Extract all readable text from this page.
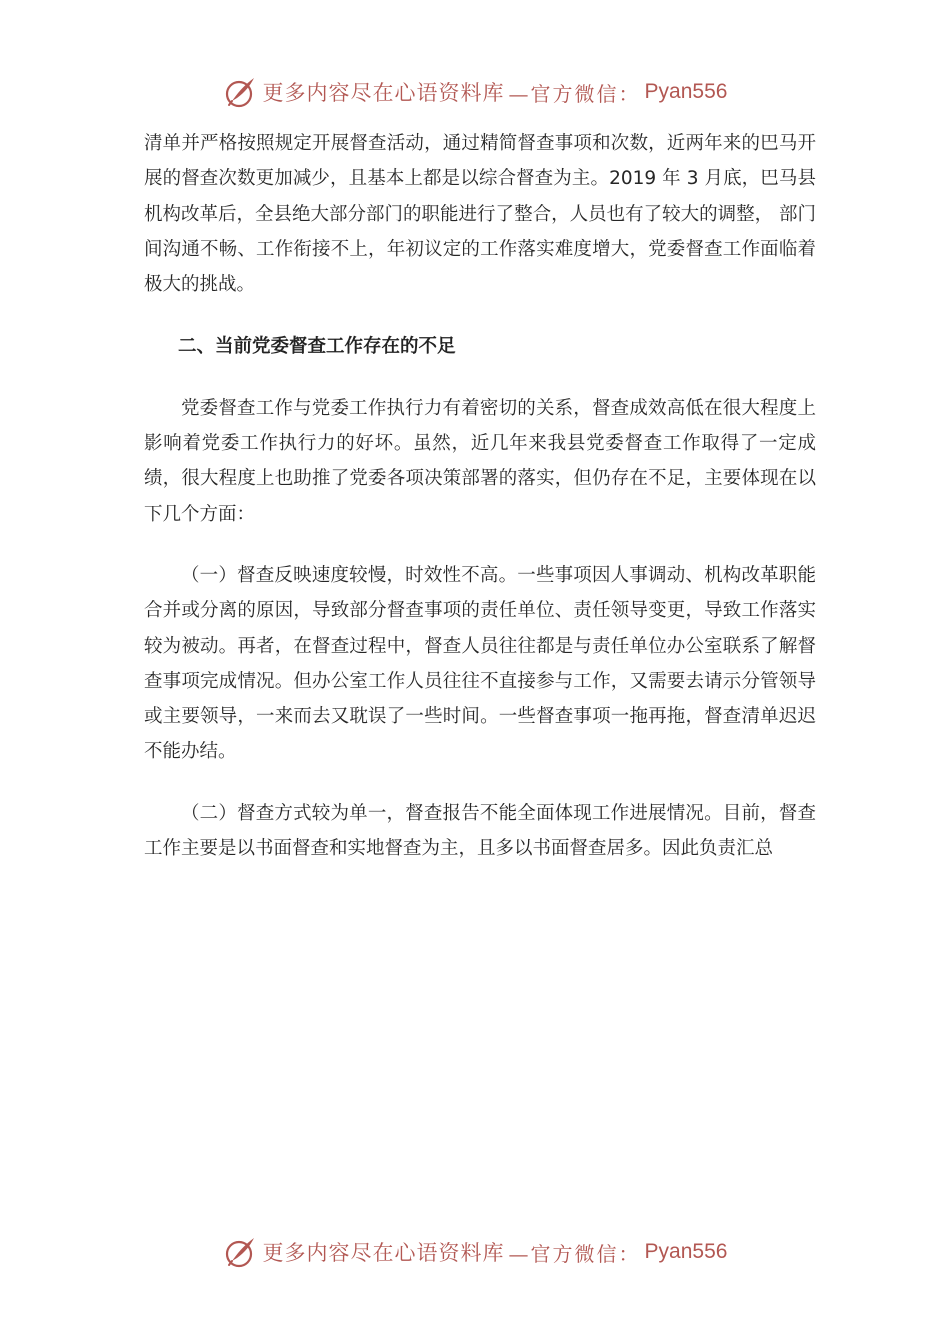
更多内容尽在心语资料库 —官方微信： Pyan556

清单并严格按照规定开展督查活动，通过精简督查事项和次数，近两年来的巴马开展的督查次数更加减少，且基本上都是以综合督查为主。2019 年 3 月底，巴马县机构改革后，全县绝大部分部门的职能进行了整合，人员也有了较大的调整， 部门间沟通不畅、工作衔接不上，年初议定的工作落实难度增大，党委督查工作面临着极大的挑战。

二、当前党委督查工作存在的不足

党委督查工作与党委工作执行力有着密切的关系，督查成效高低在很大程度上影响着党委工作执行力的好坏。虽然，近几年来我县党委督查工作取得了一定成绩，很大程度上也助推了党委各项决策部署的落实，但仍存在不足，主要体现在以下几个方面：

（一）督查反映速度较慢，时效性不高。一些事项因人事调动、机构改革职能合并或分离的原因，导致部分督查事项的责任单位、责任领导变更，导致工作落实较为被动。再者，在督查过程中，督查人员往往都是与责任单位办公室联系了解督查事项完成情况。但办公室工作人员往往不直接参与工作，又需要去请示分管领导或主要领导，一来而去又耽误了一些时间。一些督查事项一拖再拖，督查清单迟迟不能办结。

（二）督查方式较为单一，督查报告不能全面体现工作进展情况。目前，督查工作主要是以书面督查和实地督查为主，且多以书面督查居多。因此负责汇总

更多内容尽在心语资料库 —官方微信： Pyan556
